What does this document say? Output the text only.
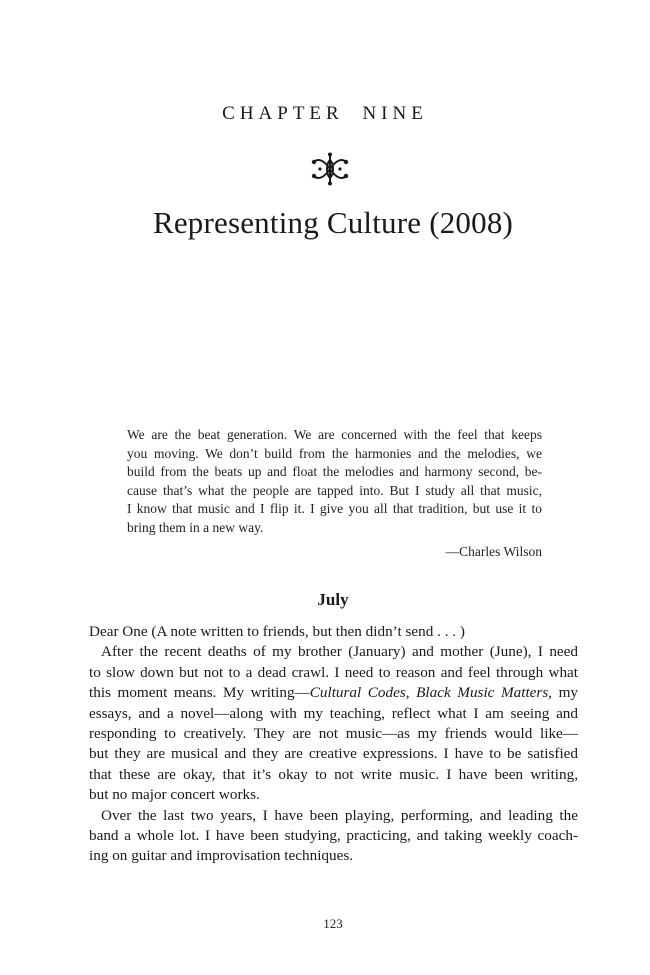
CHAPTER NINE
Representing Culture (2008)
We are the beat generation. We are concerned with the feel that keeps
you moving. We don’t build from the harmonies and the melodies, we
build from the beats up and float the melodies and harmony second, be-
cause that’s what the people are tapped into. But I study all that music,
I know that music and I flip it. I give you all that tradition, but use it to
bring them in a new way.
—Charles Wilson
July
Dear One (A note written to friends, but then didn’t send . . . )
After the recent deaths of my brother (January) and mother (June), I need
to slow down but not to a dead crawl. I need to reason and feel through what
this moment means. My writing—Cultural Codes, Black Music Matters, my
essays, and a novel—along with my teaching, reflect what I am seeing and
responding to creatively. They are not music—as my friends would like—
but they are musical and they are creative expressions. I have to be satisfied
that these are okay, that it’s okay to not write music. I have been writing,
but no major concert works.
Over the last two years, I have been playing, performing, and leading the
band a whole lot. I have been studying, practicing, and taking weekly coach-
ing on guitar and improvisation techniques.
123
